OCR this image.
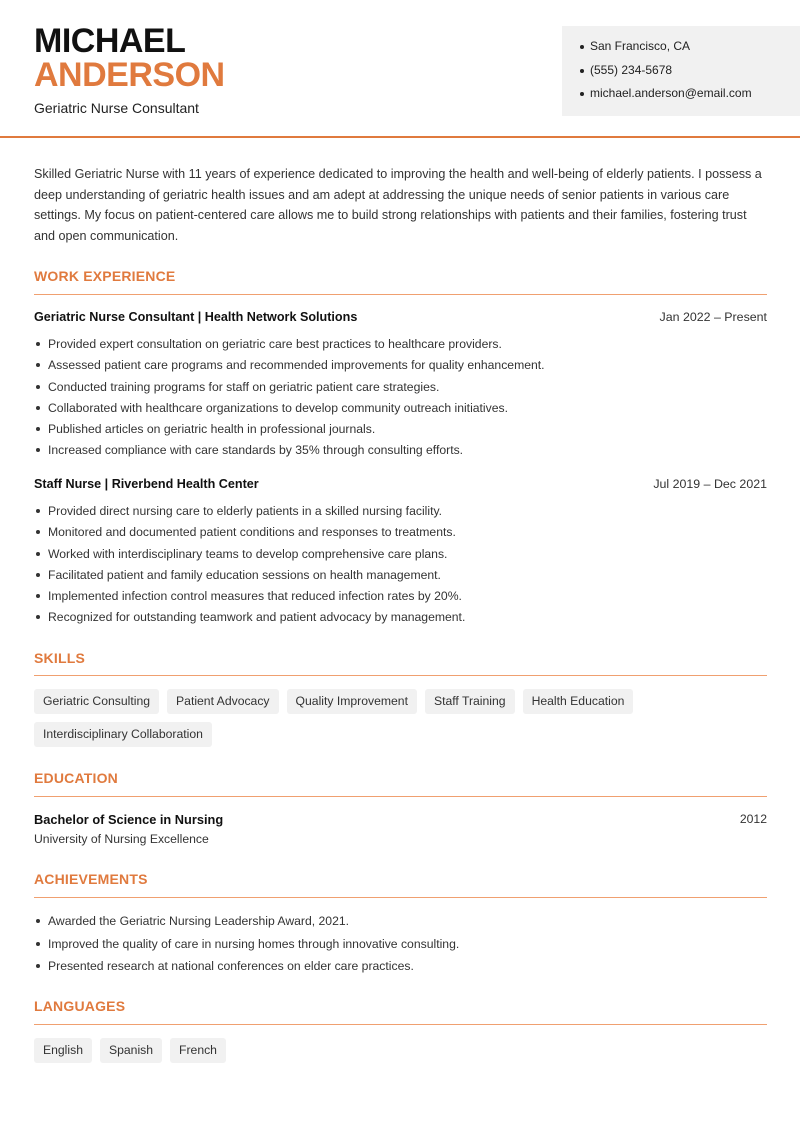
MICHAEL
ANDERSON
Geriatric Nurse Consultant
San Francisco, CA
(555) 234-5678
michael.anderson@email.com

Skilled Geriatric Nurse with 11 years of experience dedicated to improving the health and well-being of elderly patients. I possess a deep understanding of geriatric health issues and am adept at addressing the unique needs of senior patients in various care settings. My focus on patient-centered care allows me to build strong relationships with patients and their families, fostering trust and open communication.

WORK EXPERIENCE
Geriatric Nurse Consultant | Health Network Solutions	Jan 2022 – Present
Provided expert consultation on geriatric care best practices to healthcare providers.
Assessed patient care programs and recommended improvements for quality enhancement.
Conducted training programs for staff on geriatric patient care strategies.
Collaborated with healthcare organizations to develop community outreach initiatives.
Published articles on geriatric health in professional journals.
Increased compliance with care standards by 35% through consulting efforts.
Staff Nurse | Riverbend Health Center	Jul 2019 – Dec 2021
Provided direct nursing care to elderly patients in a skilled nursing facility.
Monitored and documented patient conditions and responses to treatments.
Worked with interdisciplinary teams to develop comprehensive care plans.
Facilitated patient and family education sessions on health management.
Implemented infection control measures that reduced infection rates by 20%.
Recognized for outstanding teamwork and patient advocacy by management.
SKILLS
Geriatric Consulting	Patient Advocacy	Quality Improvement	Staff Training	Health Education
Interdisciplinary Collaboration
EDUCATION
Bachelor of Science in Nursing	2012
University of Nursing Excellence
ACHIEVEMENTS
Awarded the Geriatric Nursing Leadership Award, 2021.
Improved the quality of care in nursing homes through innovative consulting.
Presented research at national conferences on elder care practices.
LANGUAGES
English	Spanish	French
